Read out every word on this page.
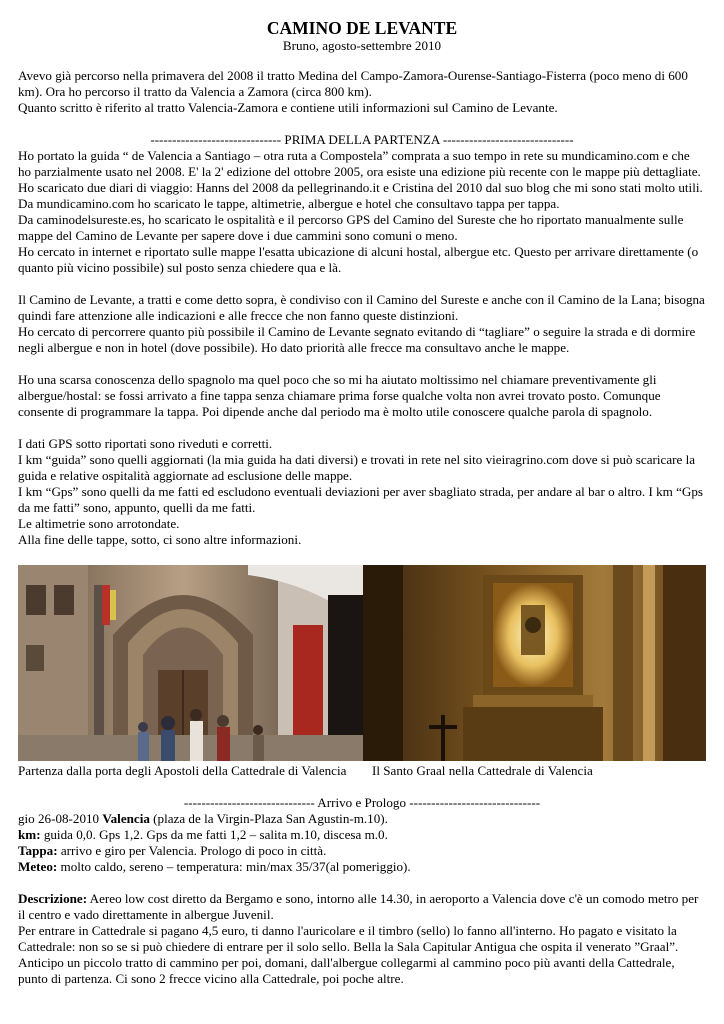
CAMINO DE LEVANTE

Bruno, agosto-settembre 2010

Avevo già percorso nella primavera del 2008 il tratto Medina del Campo-Zamora-Ourense-Santiago-Fisterra (poco meno di 600 km). Ora ho percorso il tratto da Valencia a Zamora (circa 800 km).

Quanto scritto è riferito al tratto Valencia-Zamora e contiene utili informazioni sul Camino de Levante.

------------------------------ PRIMA DELLA PARTENZA ------------------------------

Ho portato la guida “ de Valencia a Santiago – otra ruta a Compostela” comprata a suo tempo in rete su mundicamino.com e che ho parzialmente usato nel 2008. E' la 2' edizione del ottobre 2005, ora esiste una edizione più recente con le mappe più dettagliate.

Ho scaricato due diari di viaggio: Hanns del 2008 da pellegrinando.it e Cristina del 2010 dal suo blog che mi sono stati molto utili.

Da mundicamino.com ho scaricato le tappe, altimetrie, albergue e hotel che consultavo tappa per tappa.

Da caminodelsureste.es, ho scaricato le ospitalità e il percorso GPS del Camino del Sureste che ho riportato manualmente sulle mappe del Camino de Levante per sapere dove i due cammini sono comuni o meno.

Ho cercato in internet e riportato sulle mappe l'esatta ubicazione di alcuni hostal, albergue etc. Questo per arrivare direttamente (o quanto più vicino possibile) sul posto senza chiedere qua e là.

Il Camino de Levante, a tratti e come detto sopra, è condiviso con il Camino del Sureste e anche con il Camino de la Lana; bisogna quindi fare attenzione alle indicazioni e alle frecce che non fanno queste distinzioni.

Ho cercato di percorrere quanto più possibile il Camino de Levante segnato evitando di “tagliare” o seguire la strada e di dormire negli albergue e non in hotel (dove possibile). Ho dato priorità alle frecce ma consultavo anche le mappe.

Ho una scarsa conoscenza dello spagnolo ma quel poco che so mi ha aiutato moltissimo nel chiamare preventivamente gli albergue/hostal: se fossi arrivato a fine tappa senza chiamare prima forse qualche volta non avrei trovato posto. Comunque consente di programmare la tappa. Poi dipende anche dal periodo ma è molto utile conoscere qualche parola di spagnolo.

I dati GPS sotto riportati sono riveduti e corretti.

I km “guida” sono quelli aggiornati (la mia guida ha dati diversi) e trovati in rete nel sito vieiragrino.com dove si può scaricare la guida e relative ospitalità aggiornate ad esclusione delle mappe.

I km “Gps” sono quelli da me fatti ed escludono eventuali deviazioni per aver sbagliato strada, per andare al bar o altro. I km “Gps da me fatti” sono, appunto, quelli da me fatti.

Le altimetrie sono arrotondate.

Alla fine delle tappe, sotto, ci sono altre informazioni.

Partenza dalla porta degli Apostoli della Cattedrale di Valencia Il Santo Graal nella Cattedrale di Valencia

------------------------------ Arrivo e Prologo ------------------------------

gio 26-08-2010 Valencia (plaza de la Virgin-Plaza San Agustin-m.10).

km: guida 0,0. Gps 1,2. Gps da me fatti 1,2 – salita m.10, discesa m.0.

Tappa: arrivo e giro per Valencia. Prologo di poco in città.

Meteo: molto caldo, sereno – temperatura: min/max 35/37(al pomeriggio).

Descrizione: Aereo low cost diretto da Bergamo e sono, intorno alle 14.30, in aeroporto a Valencia dove c'è un comodo metro per il centro e vado direttamente in albergue Juvenil.

Per entrare in Cattedrale si pagano 4,5 euro, ti danno l'auricolare e il timbro (sello) lo fanno all'interno. Ho pagato e visitato la Cattedrale: non so se si può chiedere di entrare per il solo sello. Bella la Sala Capitular Antigua che ospita il venerato ”Graal”. Anticipo un piccolo tratto di cammino per poi, domani, dall'albergue collegarmi al cammino poco più avanti della Cattedrale, punto di partenza. Ci sono 2 frecce vicino alla Cattedrale, poi poche altre.
